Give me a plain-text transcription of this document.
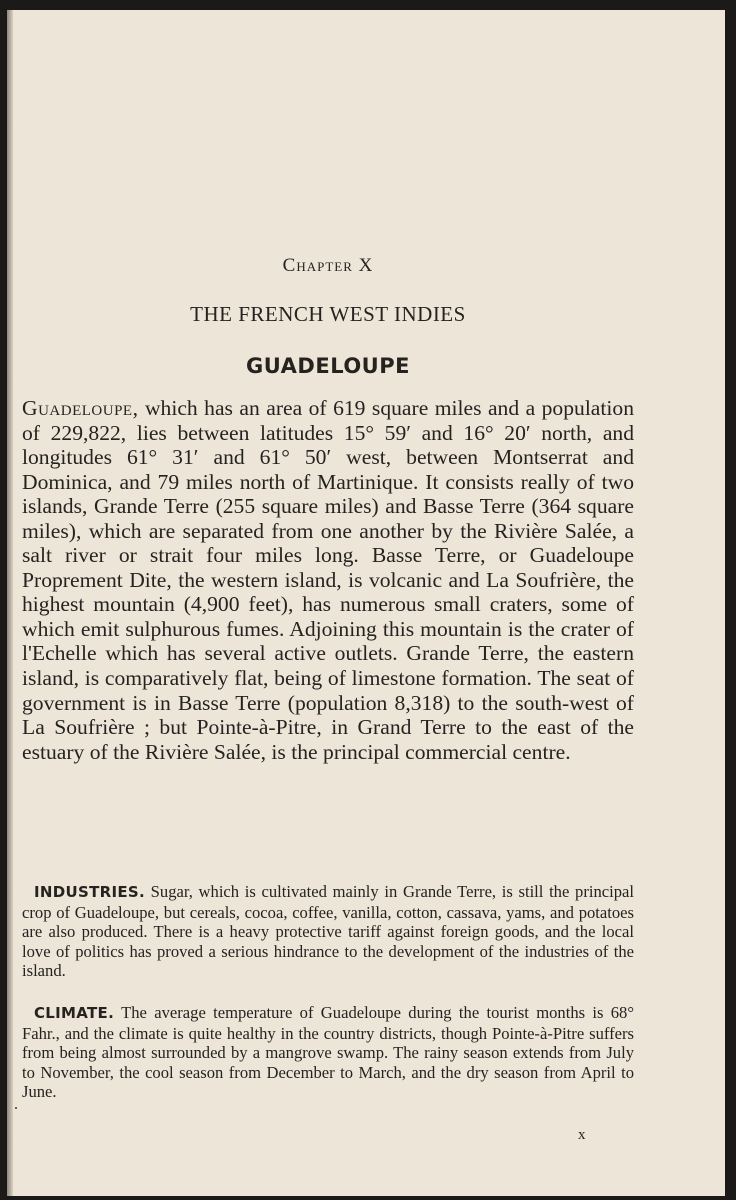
Chapter X
THE FRENCH WEST INDIES
GUADELOUPE
Guadeloupe, which has an area of 619 square miles and a population of 229,822, lies between latitudes 15° 59′ and 16° 20′ north, and longitudes 61° 31′ and 61° 50′ west, between Montserrat and Dominica, and 79 miles north of Martinique. It consists really of two islands, Grande Terre (255 square miles) and Basse Terre (364 square miles), which are separated from one another by the Rivière Salée, a salt river or strait four miles long. Basse Terre, or Guadeloupe Proprement Dite, the western island, is volcanic and La Soufrière, the highest mountain (4,900 feet), has numerous small craters, some of which emit sulphurous fumes. Adjoining this mountain is the crater of l'Echelle which has several active outlets. Grande Terre, the eastern island, is comparatively flat, being of limestone formation. The seat of government is in Basse Terre (population 8,318) to the south-west of La Soufrière ; but Pointe-à-Pitre, in Grand Terre to the east of the estuary of the Rivière Salée, is the principal commercial centre.
INDUSTRIES. Sugar, which is cultivated mainly in Grande Terre, is still the principal crop of Guadeloupe, but cereals, cocoa, coffee, vanilla, cotton, cassava, yams, and potatoes are also produced. There is a heavy protective tariff against foreign goods, and the local love of politics has proved a serious hindrance to the development of the industries of the island.
CLIMATE. The average temperature of Guadeloupe during the tourist months is 68° Fahr., and the climate is quite healthy in the country districts, though Pointe-à-Pitre suffers from being almost surrounded by a mangrove swamp. The rainy season extends from July to November, the cool season from December to March, and the dry season from April to June.
x
